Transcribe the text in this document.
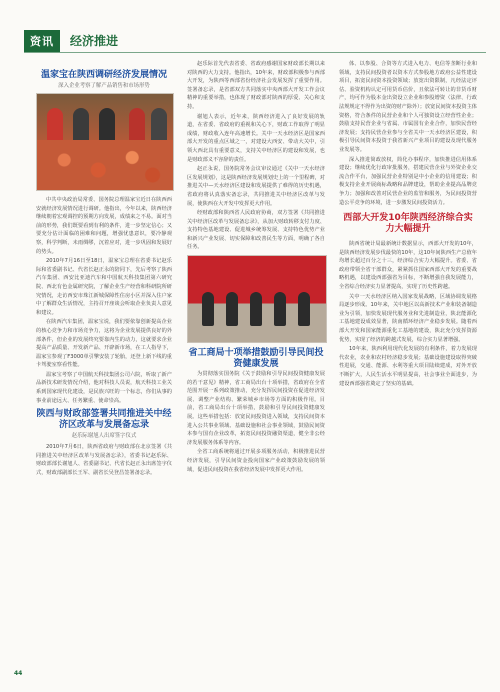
资讯	经济推进
温家宝在陕西调研经济发展情况
深入企业考察了解产品销售和市场形势

中共中央政治局常委、国务院总理温家宝近日在陕西西安就经济发展情况进行调研。他指出，今年以来，陕西经济继续朝着宏观调控的预期方向发展，成绩来之不易。面对当前的形势，我们既要看到有利的条件，进一步坚定信心；又要充分估计面临的困难和问题，增强忧患意识，要冷静观察，科学判断，未雨绸缪，沉着应对，进一步巩固和发展好的势头。

2010年7月16日至18日，温家宝总理在省委书记赵乐际和省委副书记、代省长赵正永的陪同下，先后考察了陕西汽车集团、西安比亚迪汽车和中国航天科技集团第六研究院、西北有色金属研究院，了解企业生产经营和科研院所研究情况，走访西安市珠江新城保障性住房小区并深入住户家中了解群众生活情况，主持召开座谈会听取企业负责人意见和建议。

在陕西汽车集团，温家宝说，我们要依靠创新提高企业的核心竞争力和市场竞争力，这将为企业发展提供良好的外部条件，但企业的发展终究要靠内生的动力，这就要求企业提高产品质量、开发新产品、开辟新市场，在工人指导下，温家宝参观了F3000单引擎安装了轮胎，还登上新下线的重卡驾驶室察看性能。

温家宝考察了中国航天科技集团公司六院，听取了新产品新技术研发情况介绍，他对科技人员说，航天科技工业关系到国家现代化建设，是民族兴旺的一个标志，你们从事的事业前途远大、任务繁重、使命崇高。

陕西与财政部签署共同推进关中经济区改革与发展备忘录
赵乐际谢旭人出席签字仪式

2010年7月6日，陕西省政府与财政部在北京签署《共同推进关中经济区改革与发展备忘录》，省委书记赵乐际、财政部部长谢旭人、省委副书记、代省长赵正永出席签字仪式，财政部副部长王军、副省长吴登昌签署备忘录。

赵乐际首先代表省委、省政府感谢国家财政部长期以来对陕西的大力支持。他指出，10年来，财政部积极参与西部大开发，为陕西等西部省份经济社会发展发挥了重要作用。签署备忘录，是省部双方共同落实中央西部大开发工作会议精神的重要举措，也体现了财政部对陕西的厚爱、关心和支持。

谢旭人表示，近年来，陕西经济进入了良好发展的轨道，在省委、省政府的重视和关心下，财政工作取得了明显成绩，财政收入连年高速增长。关中一天水经济区是国家西部大开发的重点区域之一，对建设大西安、带动大关中，引领大西北具有重要意义，支持关中经济区的建设和发展，也是财政部义不容辞的责任。

赵正永说，国务院常务会议审议通过《关中一天水经济区发展规划》，这是陕西经济发展规划史上的一个里程碑，对推进关中—天水经济区建设和发展提供了难得的历史机遇，省政府将认真落实备忘录，共同推进关中经济区改革与发展，使陕西在大开发中发挥更大作用。

经财政部和陕西省人民政府协商，双方签署《共同推进关中经济区改革与发展备忘录》，从加大财政转移支付力度、支持特色基地建设、促进城乡统筹发展、支持特色优势产业和新兴产业发展、切实保障和改善民生等方面，明确了各自任务。

省工商局十项举措鼓励引导民间投资健康发展

为贯彻落实国务院《关于鼓励和引导民间投资健康发展的若干意见》精神，省工商局出台十项举措，省政府在全省范围开展一系列政策推动，充分发挥民间投资在促进经济发展、调整产业结构、繁荣城乡市场等方面的积极作用。目前，省工商局出台十项举措，鼓励和引导民间投资健康发展。这些举措包括：放宽民间投资进入领域，支持民间资本进入公共事业领域、基础设施和社会事业领域，鼓励民间资本参与国有企业改革，拓宽民间投资融资渠道，健全非公经济发展服务体系等内容。

全省工商系统将通过开展多项服务活动，积极推进民营经济发展，引导民间资金投向国家产业政策鼓励发展的领域，促进民间投资在我省经济发展中发挥更大作用。

体、以参股、合资等方式进入电力、电信等垄断行业和领域，支持民间投资者以资本方式参股地方政府公益性建设项目，拓宽民间资本投资领域；放宽出资限制，凡经法定评估、验资机构认定可用货币估价，且依法可转让的非货币财产，均可作为股本金出资设立企业和参股增资（法律、行政法规规定不得作为出资的财产除外）；放宽民间资本投资主体资格，符合条件的民营企业和个人可独资设立经营性企业；鼓励支持民营企业与省属、市属国有企业合作，加快民营经济发展；支持民营企业参与全省关中一天水经济区建设，积极引导民间资本投资于我省新兴产业项目的建设及现代服务业发展等。

深入推进简政放权，简化办事程序，加快推进信用体系建设；继续优化行政审批服务，搭建民营企业与外资企业交流合作平台，加强民营企业特别是中小企业的信用建设；积极支持企业开展商标战略和品牌建设，帮助企业提高品牌竞争力；加强和改善对民营企业的监管和服务，为民间投资营造公平竞争的环境，进一步激发民间投资活力。

西部大开发10年陕西经济综合实力大幅提升

陕西省统计局最新统计数据显示，西部大开发的10年，是陕西经济发展步伐最快的10年，这10年间陕西生产总值年均增长超过百分之十三，经济综合实力大幅提升。省委、省政府带领全省干部群众，紧紧抓住国家西部大开发的重要战略机遇，以建设西部强省为目标，不断增强自我发展能力，全省综合经济实力显著提高，实现了历史性跨越。

关中一天水经济区纳入国家发展战略，区域协调发展格局逐步形成。10年来，关中地区以高新技术产业和装备制造业为引领，加快发展现代服务业和先进制造业，陕北能源化工基地建设成效显著，陕南循环经济产业稳步发展。随着西部大开发和国家能源重化工基地的建设，陕北充分发挥资源优势，实现了经济的跨越式发展，综合实力显著增强。

10年来，陕西利用现代化发展的有利条件，着力发展现代农业，农业和农村经济稳步发展；基础设施建设取得突破性进展，交通、能源、水利等重大项目陆续建成，对外开放不断扩大，人民生活水平明显提高，社会事业全面进步，为建设西部强省奠定了坚实的基础。

44
